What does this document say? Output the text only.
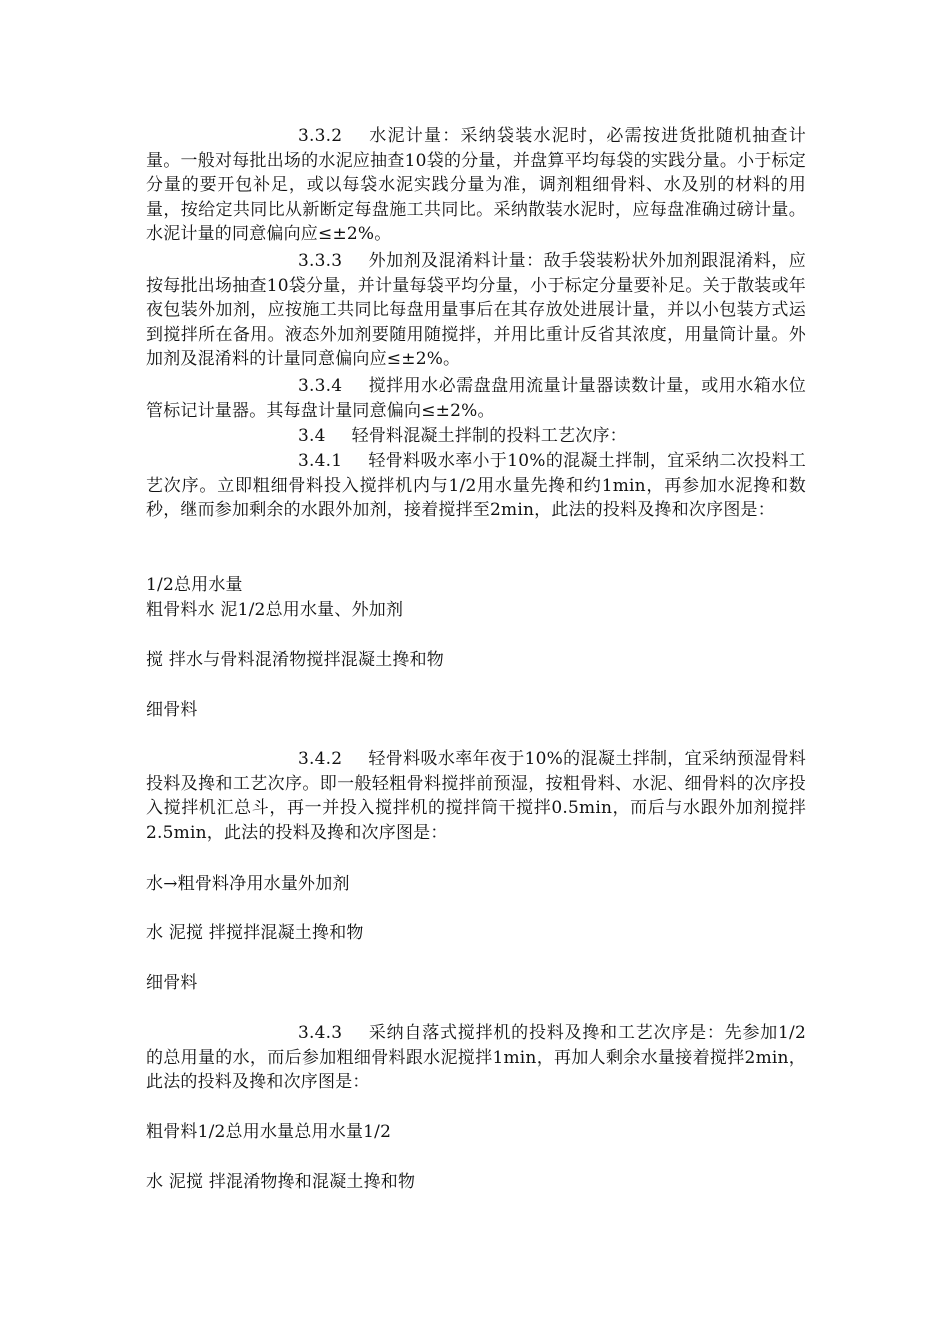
3.3.2 水泥计量：采纳袋装水泥时，必需按进货批随机抽查计量。一般对每批出场的水泥应抽查10袋的分量，并盘算平均每袋的实践分量。小于标定分量的要开包补足，或以每袋水泥实践分量为准，调剂粗细骨料、水及别的材料的用量，按给定共同比从新断定每盘施工共同比。采纳散装水泥时，应每盘准确过磅计量。水泥计量的同意偏向应≤±2%。

3.3.3 外加剂及混淆料计量：敌手袋装粉状外加剂跟混淆料，应按每批出场抽查10袋分量，并计量每袋平均分量，小于标定分量要补足。关于散装或年夜包装外加剂，应按施工共同比每盘用量事后在其存放处进展计量，并以小包装方式运到搅拌所在备用。液态外加剂要随用随搅拌，并用比重计反省其浓度，用量筒计量。外加剂及混淆料的计量同意偏向应≤±2%。

3.3.4 搅拌用水必需盘盘用流量计量器读数计量，或用水箱水位管标记计量器。其每盘计量同意偏向≤±2%。

3.4 轻骨料混凝土拌制的投料工艺次序：

3.4.1 轻骨料吸水率小于10%的混凝土拌制，宜采纳二次投料工艺次序。立即粗细骨料投入搅拌机内与1/2用水量先搀和约1min，再参加水泥搀和数秒，继而参加剩余的水跟外加剂，接着搅拌至2min，此法的投料及搀和次序图是：

1/2总用水量
粗骨料水 泥1/2总用水量、外加剂
搅 拌水与骨料混淆物搅拌混凝土搀和物
细骨料

3.4.2 轻骨料吸水率年夜于10%的混凝土拌制，宜采纳预湿骨料投料及搀和工艺次序。即一般轻粗骨料搅拌前预湿，按粗骨料、水泥、细骨料的次序投入搅拌机汇总斗，再一并投入搅拌机的搅拌筒干搅拌0.5min，而后与水跟外加剂搅拌2.5min，此法的投料及搀和次序图是：

水→粗骨料净用水量外加剂
水 泥搅 拌搅拌混凝土搀和物
细骨料

3.4.3 采纳自落式搅拌机的投料及搀和工艺次序是：先参加1/2的总用量的水，而后参加粗细骨料跟水泥搅拌1min，再加人剩余水量接着搅拌2min，此法的投料及搀和次序图是：

粗骨料1/2总用水量总用水量1/2
水 泥搅 拌混淆物搀和混凝土搀和物
